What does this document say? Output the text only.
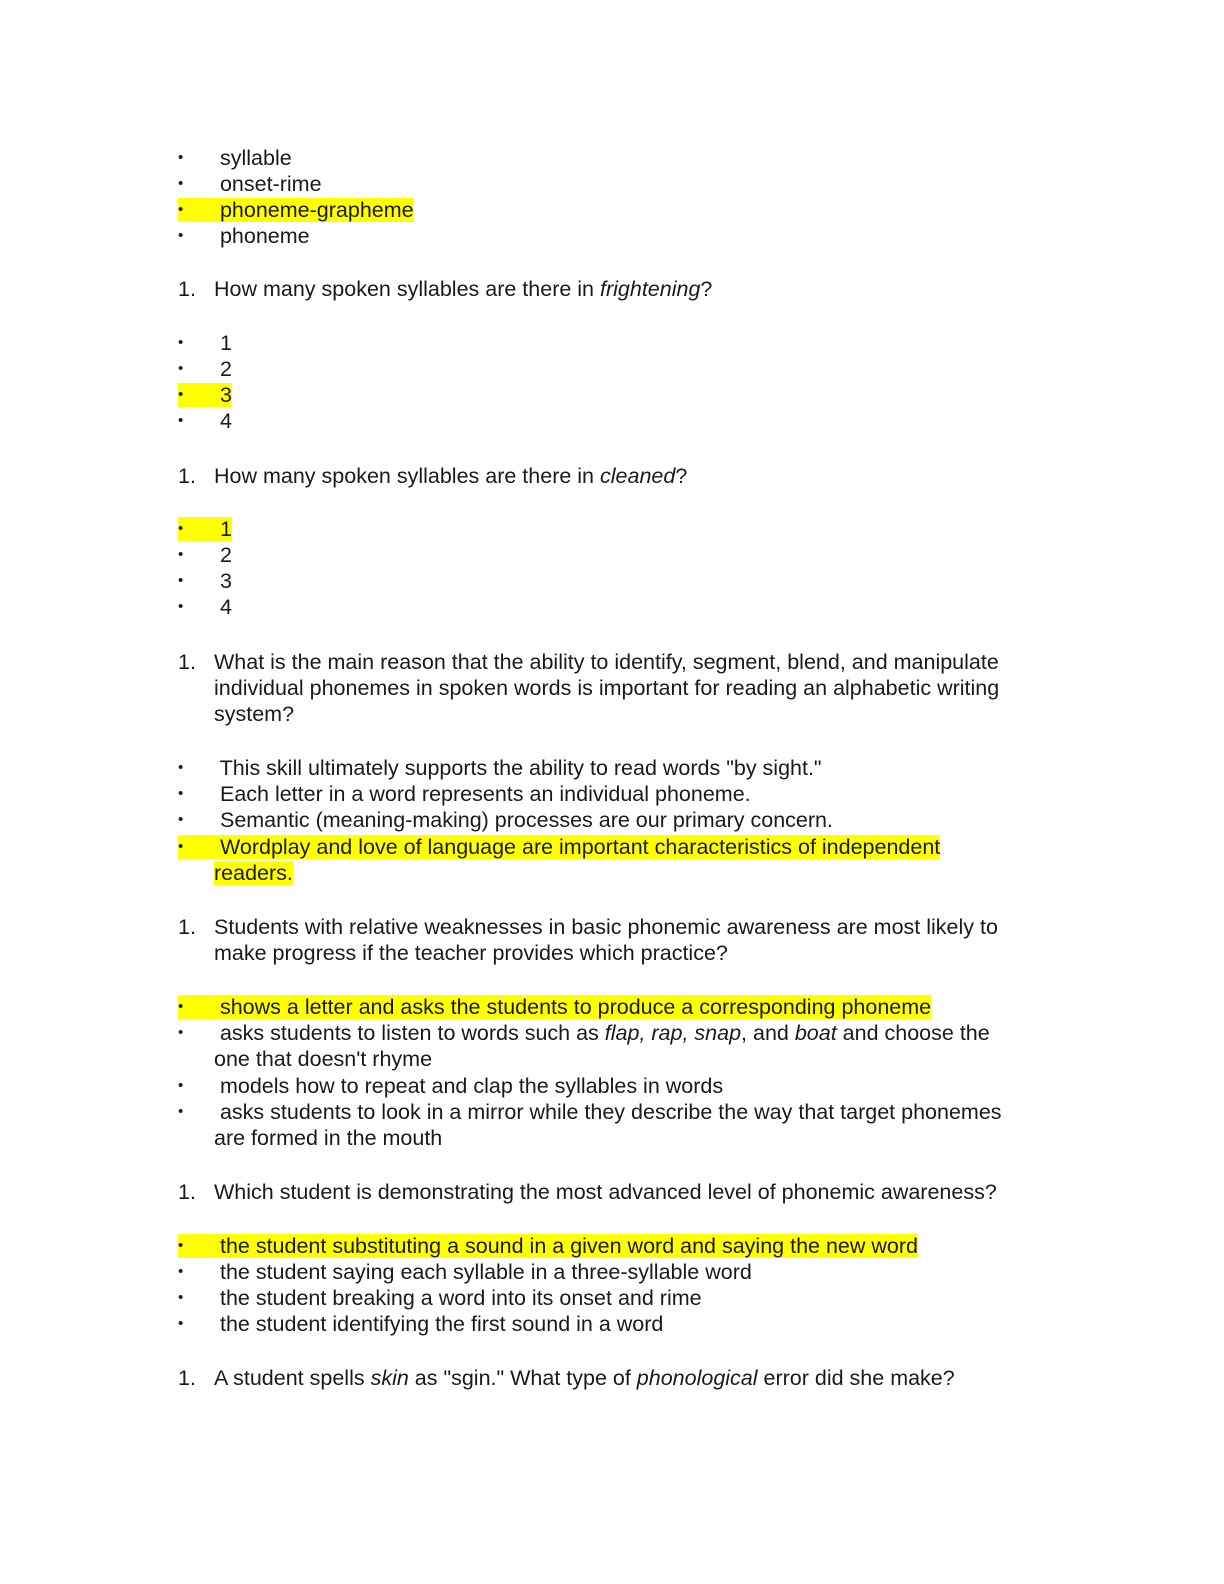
• syllable
• onset-rime
• phoneme-grapheme
• phoneme
1. How many spoken syllables are there in frightening?
• 1
• 2
• 3
• 4
1. How many spoken syllables are there in cleaned?
• 1
• 2
• 3
• 4
1. What is the main reason that the ability to identify, segment, blend, and manipulate
individual phonemes in spoken words is important for reading an alphabetic writing
system?
• This skill ultimately supports the ability to read words "by sight."
• Each letter in a word represents an individual phoneme.
• Semantic (meaning-making) processes are our primary concern.
• Wordplay and love of language are important characteristics of independent
readers.
1. Students with relative weaknesses in basic phonemic awareness are most likely to
make progress if the teacher provides which practice?
• shows a letter and asks the students to produce a corresponding phoneme
• asks students to listen to words such as flap, rap, snap, and boat and choose the
one that doesn't rhyme
• models how to repeat and clap the syllables in words
• asks students to look in a mirror while they describe the way that target phonemes
are formed in the mouth
1. Which student is demonstrating the most advanced level of phonemic awareness?
• the student substituting a sound in a given word and saying the new word
• the student saying each syllable in a three-syllable word
• the student breaking a word into its onset and rime
• the student identifying the first sound in a word
1. A student spells skin as "sgin." What type of phonological error did she make?
